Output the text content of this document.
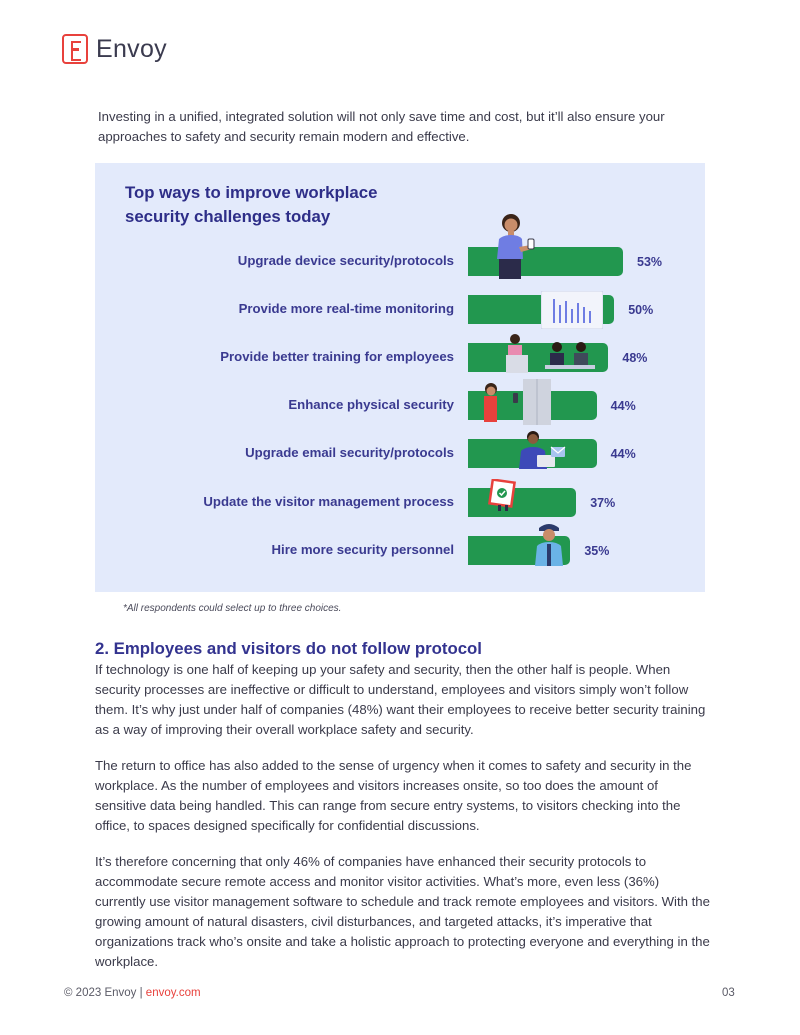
Envoy

Investing in a unified, integrated solution will not only save time and cost, but it’ll also ensure your approaches to safety and security remain modern and effective.

Top ways to improve workplace security challenges today

Upgrade device security/protocols	53%
Provide more real-time monitoring	50%
Provide better training for employees	48%
Enhance physical security	44%
Upgrade email security/protocols	44%
Update the visitor management process	37%
Hire more security personnel	35%

*All respondents could select up to three choices.

2. Employees and visitors do not follow protocol

If technology is one half of keeping up your safety and security, then the other half is people. When security processes are ineffective or difficult to understand, employees and visitors simply won’t follow them. It’s why just under half of companies (48%) want their employees to receive better security training as a way of improving their overall workplace safety and security.

The return to office has also added to the sense of urgency when it comes to safety and security in the workplace. As the number of employees and visitors increases onsite, so too does the amount of sensitive data being handled. This can range from secure entry systems, to visitors checking into the office, to spaces designed specifically for confidential discussions.

It’s therefore concerning that only 46% of companies have enhanced their security protocols to accommodate secure remote access and monitor visitor activities. What’s more, even less (36%) currently use visitor management software to schedule and track remote employees and visitors. With the growing amount of natural disasters, civil disturbances, and targeted attacks, it’s imperative that organizations track who’s onsite and take a holistic approach to protecting everyone and everything in the workplace.

© 2023 Envoy | envoy.com	03
